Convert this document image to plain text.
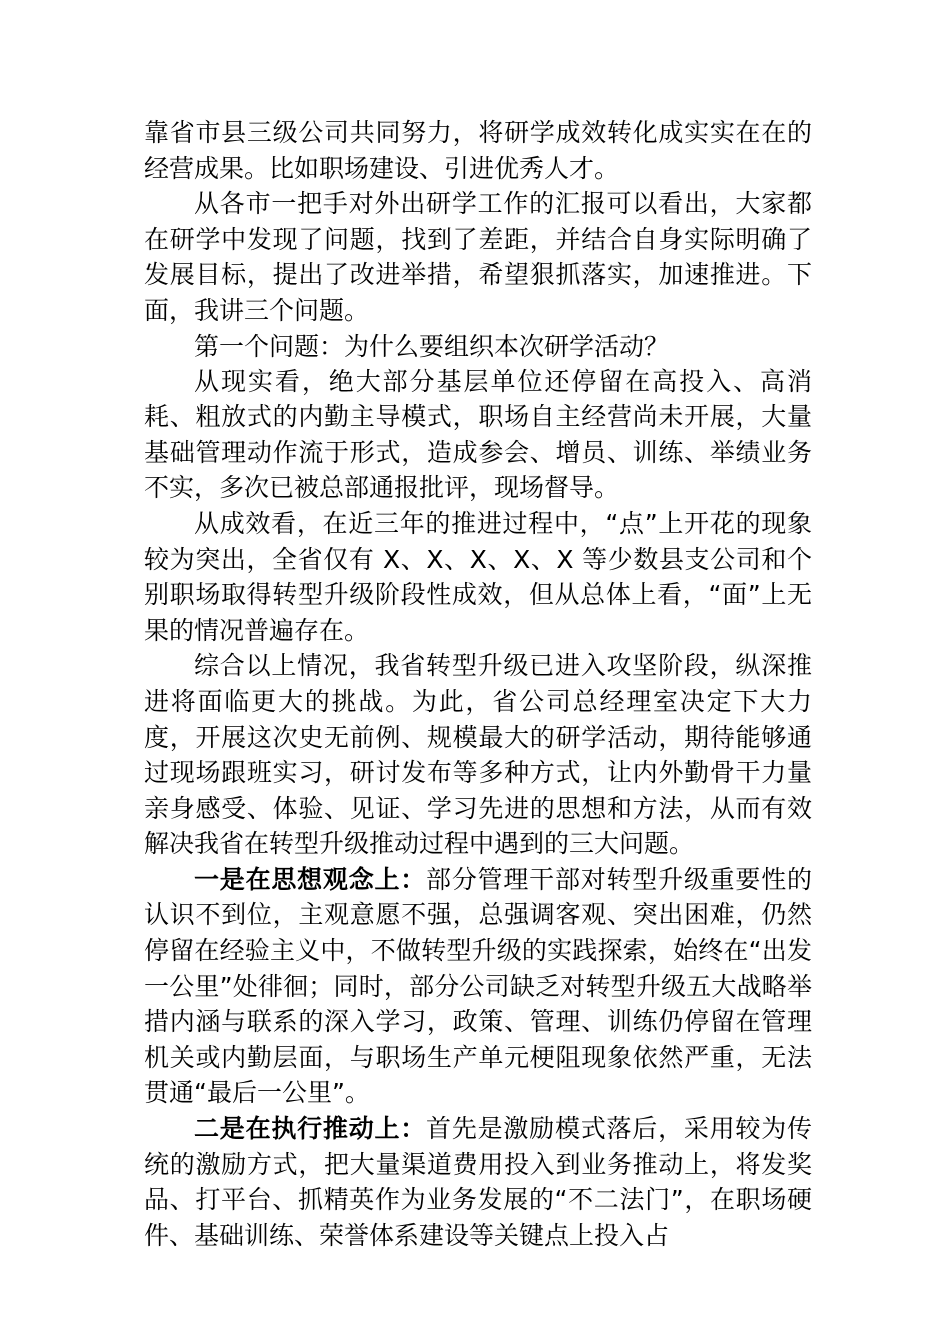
靠省市县三级公司共同努力，将研学成效转化成实实在在的经营成果。比如职场建设、引进优秀人才。

从各市一把手对外出研学工作的汇报可以看出，大家都在研学中发现了问题，找到了差距，并结合自身实际明确了发展目标，提出了改进举措，希望狠抓落实，加速推进。下面，我讲三个问题。

第一个问题：为什么要组织本次研学活动？

从现实看，绝大部分基层单位还停留在高投入、高消耗、粗放式的内勤主导模式，职场自主经营尚未开展，大量基础管理动作流于形式，造成参会、增员、训练、举绩业务不实，多次已被总部通报批评，现场督导。

从成效看，在近三年的推进过程中，“点”上开花的现象较为突出，全省仅有 X、X、X、X、X 等少数县支公司和个别职场取得转型升级阶段性成效，但从总体上看，“面”上无果的情况普遍存在。

综合以上情况，我省转型升级已进入攻坚阶段，纵深推进将面临更大的挑战。为此，省公司总经理室决定下大力度，开展这次史无前例、规模最大的研学活动，期待能够通过现场跟班实习，研讨发布等多种方式，让内外勤骨干力量亲身感受、体验、见证、学习先进的思想和方法，从而有效解决我省在转型升级推动过程中遇到的三大问题。

一是在思想观念上：部分管理干部对转型升级重要性的认识不到位，主观意愿不强，总强调客观、突出困难，仍然停留在经验主义中，不做转型升级的实践探索，始终在“出发一公里”处徘徊；同时，部分公司缺乏对转型升级五大战略举措内涵与联系的深入学习，政策、管理、训练仍停留在管理机关或内勤层面，与职场生产单元梗阻现象依然严重，无法贯通“最后一公里”。

二是在执行推动上：首先是激励模式落后，采用较为传统的激励方式，把大量渠道费用投入到业务推动上，将发奖品、打平台、抓精英作为业务发展的“不二法门”，在职场硬件、基础训练、荣誉体系建设等关键点上投入占
